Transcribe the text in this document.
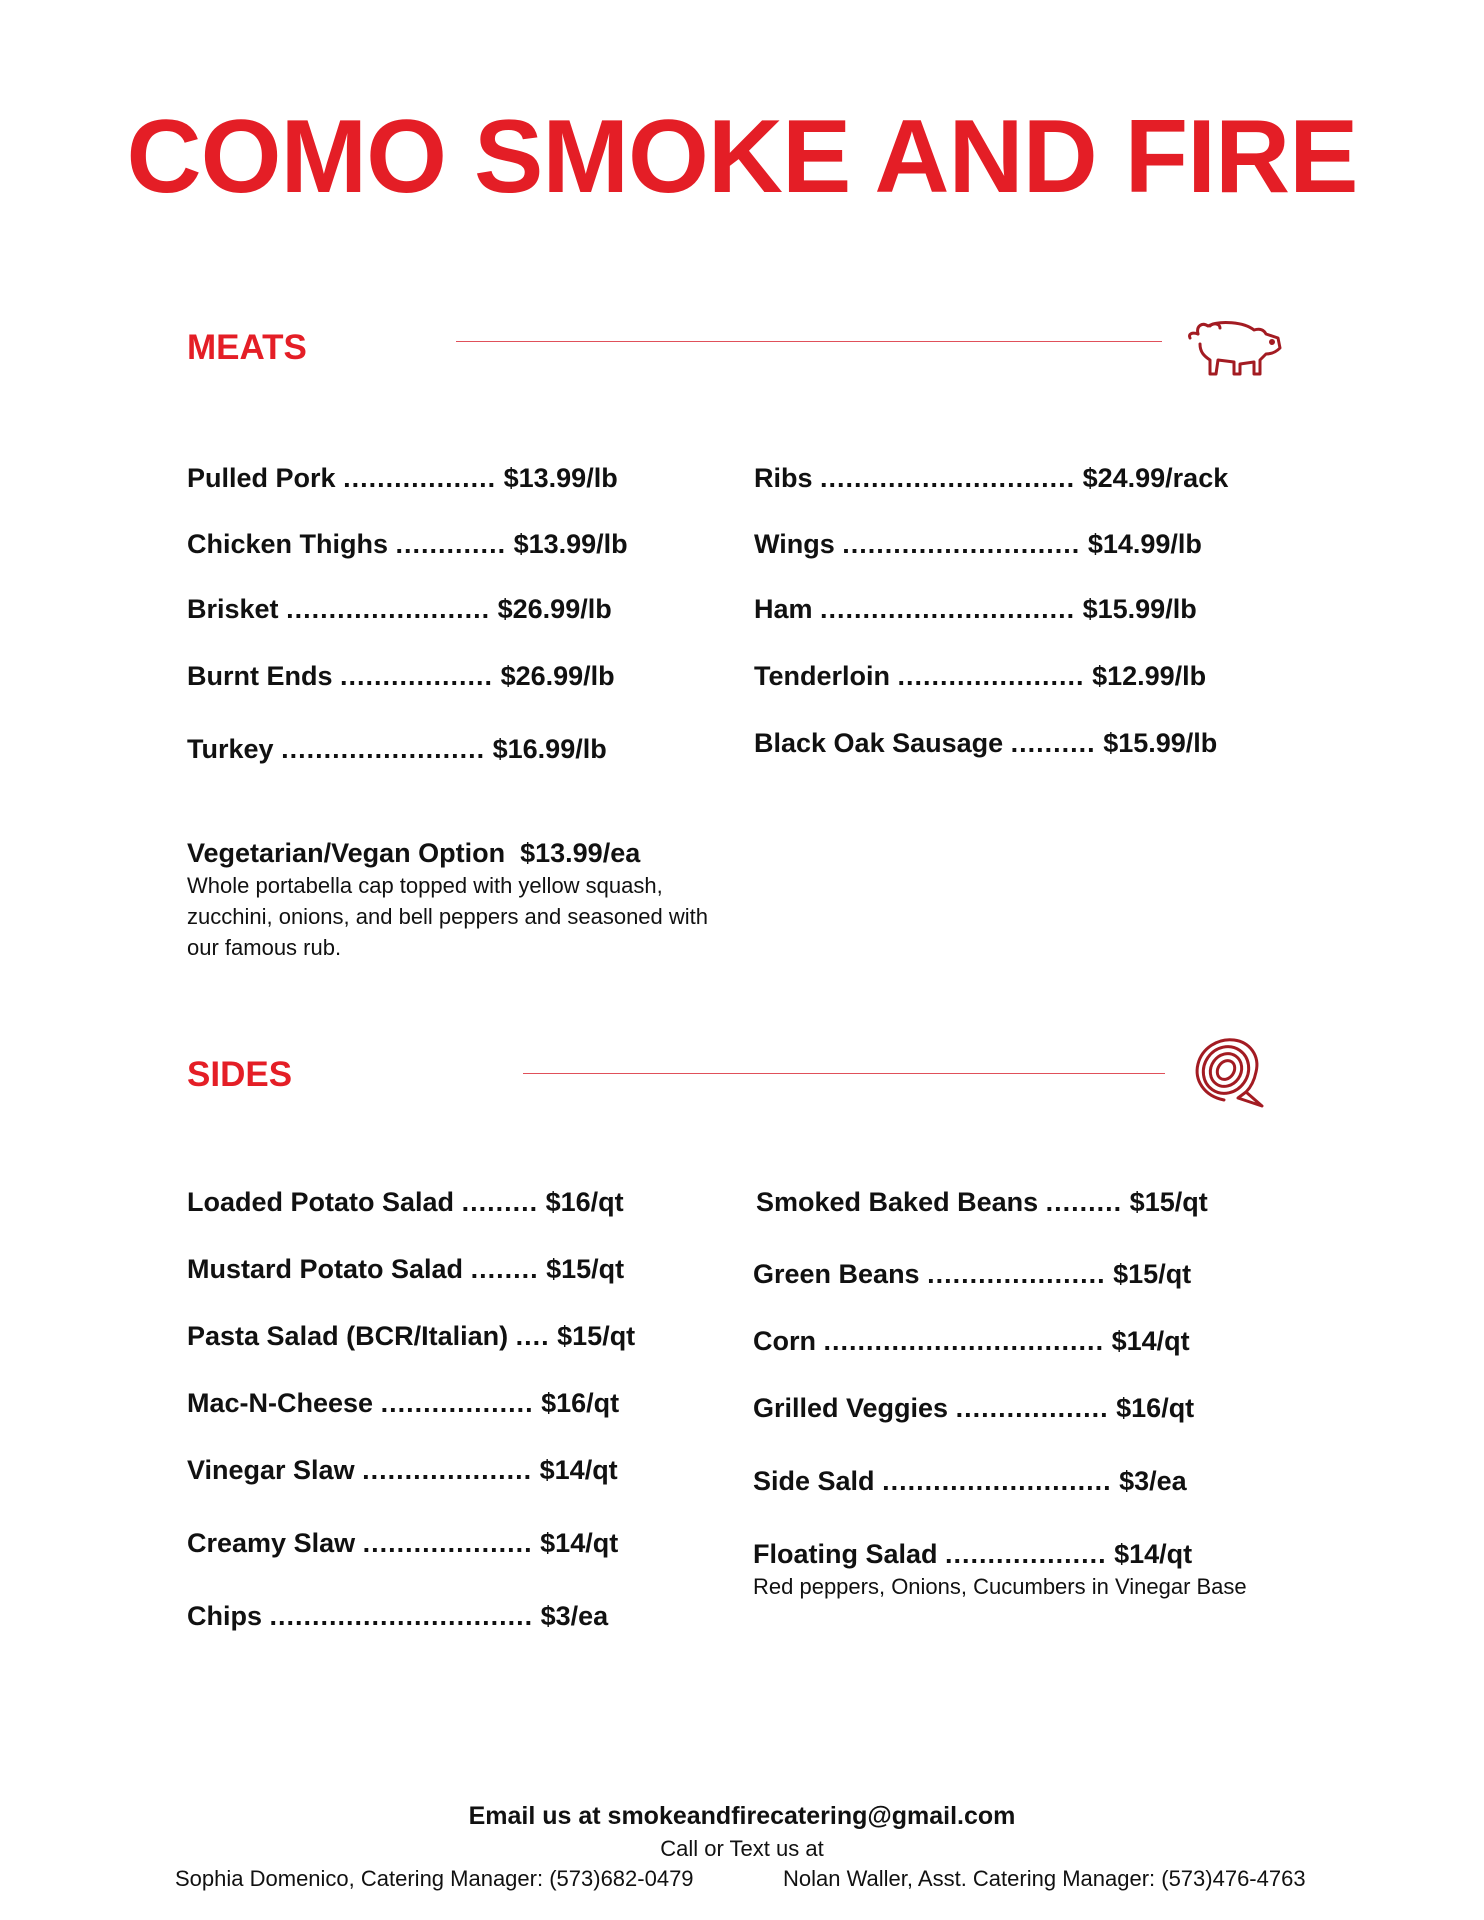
COMO SMOKE AND FIRE
MEATS
Pulled Pork .................. $13.99/lb
Chicken Thighs ............. $13.99/lb
Brisket ........................ $26.99/lb
Burnt Ends .................. $26.99/lb
Turkey ........................ $16.99/lb
Ribs .............................. $24.99/rack
Wings ............................ $14.99/lb
Ham .............................. $15.99/lb
Tenderloin ...................... $12.99/lb
Black Oak Sausage .......... $15.99/lb
Vegetarian/Vegan Option $13.99/ea
Whole portabella cap topped with yellow squash,
zucchini, onions, and bell peppers and seasoned with
our famous rub.
SIDES
Loaded Potato Salad ......... $16/qt
Mustard Potato Salad ........ $15/qt
Pasta Salad (BCR/Italian) .... $15/qt
Mac-N-Cheese .................. $16/qt
Vinegar Slaw .................... $14/qt
Creamy Slaw .................... $14/qt
Chips ............................... $3/ea
Smoked Baked Beans ......... $15/qt
Green Beans ..................... $15/qt
Corn ................................. $14/qt
Grilled Veggies .................. $16/qt
Side Sald ........................... $3/ea
Floating Salad ................... $14/qt
Red peppers, Onions, Cucumbers in Vinegar Base
Email us at smokeandfirecatering@gmail.com
Call or Text us at
Sophia Domenico, Catering Manager: (573)682-0479	Nolan Waller, Asst. Catering Manager: (573)476-4763
